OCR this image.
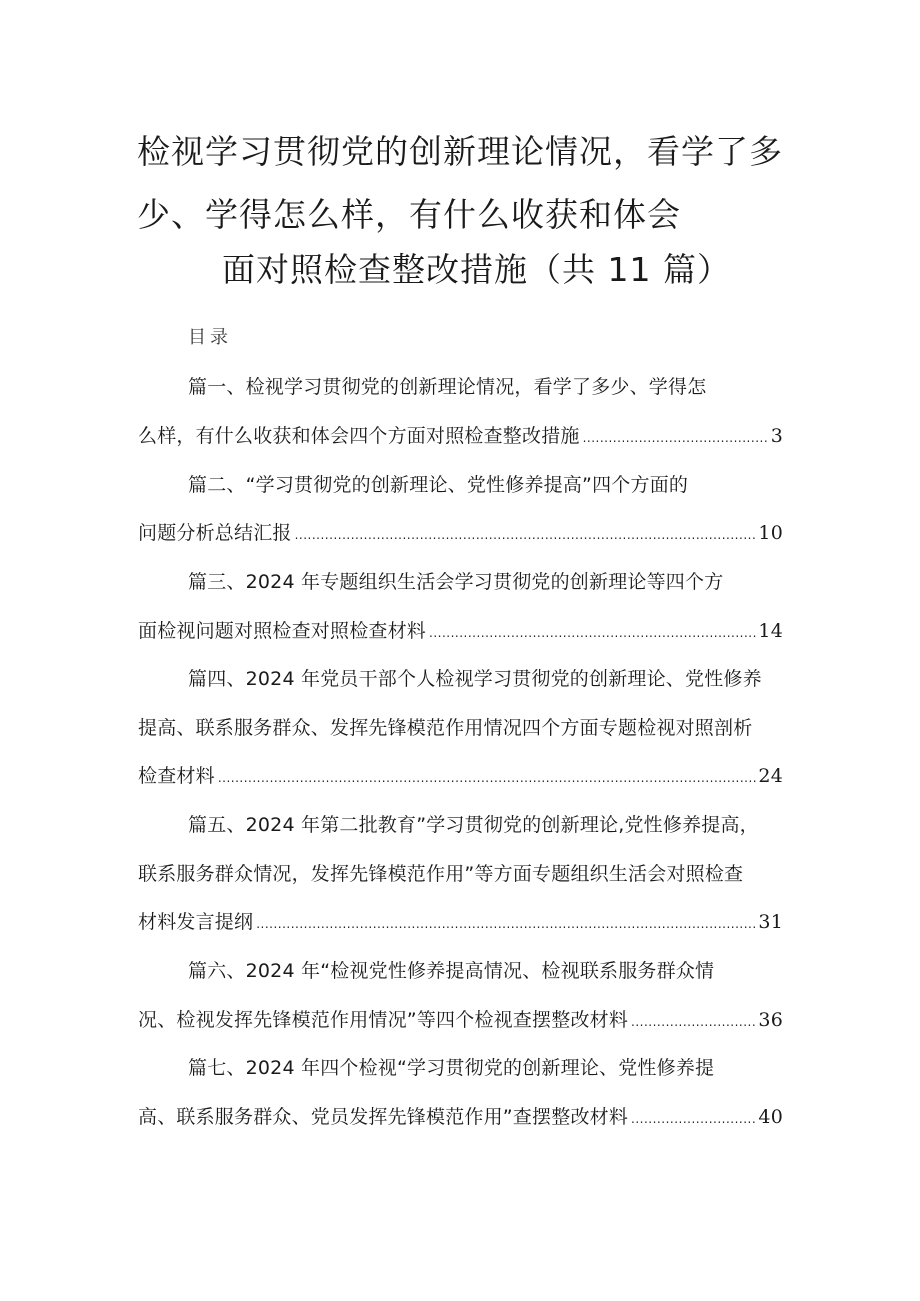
检视学习贯彻党的创新理论情况，看学了多
少、学得怎么样，有什么收获和体会
面对照检查整改措施（共 11 篇）
目录
篇一、检视学习贯彻党的创新理论情况，看学了多少、学得怎
么样，有什么收获和体会四个方面对照检查整改措施 .....	3
篇二、“学习贯彻党的创新理论、党性修养提高”四个方面的
问题分析总结汇报 .....	10
篇三、2024 年专题组织生活会学习贯彻党的创新理论等四个方
面检视问题对照检查对照检查材料 .....	14
篇四、2024 年党员干部个人检视学习贯彻党的创新理论、党性修养
提高、联系服务群众、发挥先锋模范作用情况四个方面专题检视对照剖析
检查材料 .....	24
篇五、2024 年第二批教育”学习贯彻党的创新理论,党性修养提高，
联系服务群众情况，发挥先锋模范作用”等方面专题组织生活会对照检查
材料发言提纲 .....	31
篇六、2024 年“检视党性修养提高情况、检视联系服务群众情
况、检视发挥先锋模范作用情况”等四个检视查摆整改材料 .....	36
篇七、2024 年四个检视“学习贯彻党的创新理论、党性修养提
高、联系服务群众、党员发挥先锋模范作用”查摆整改材料 .....	40
